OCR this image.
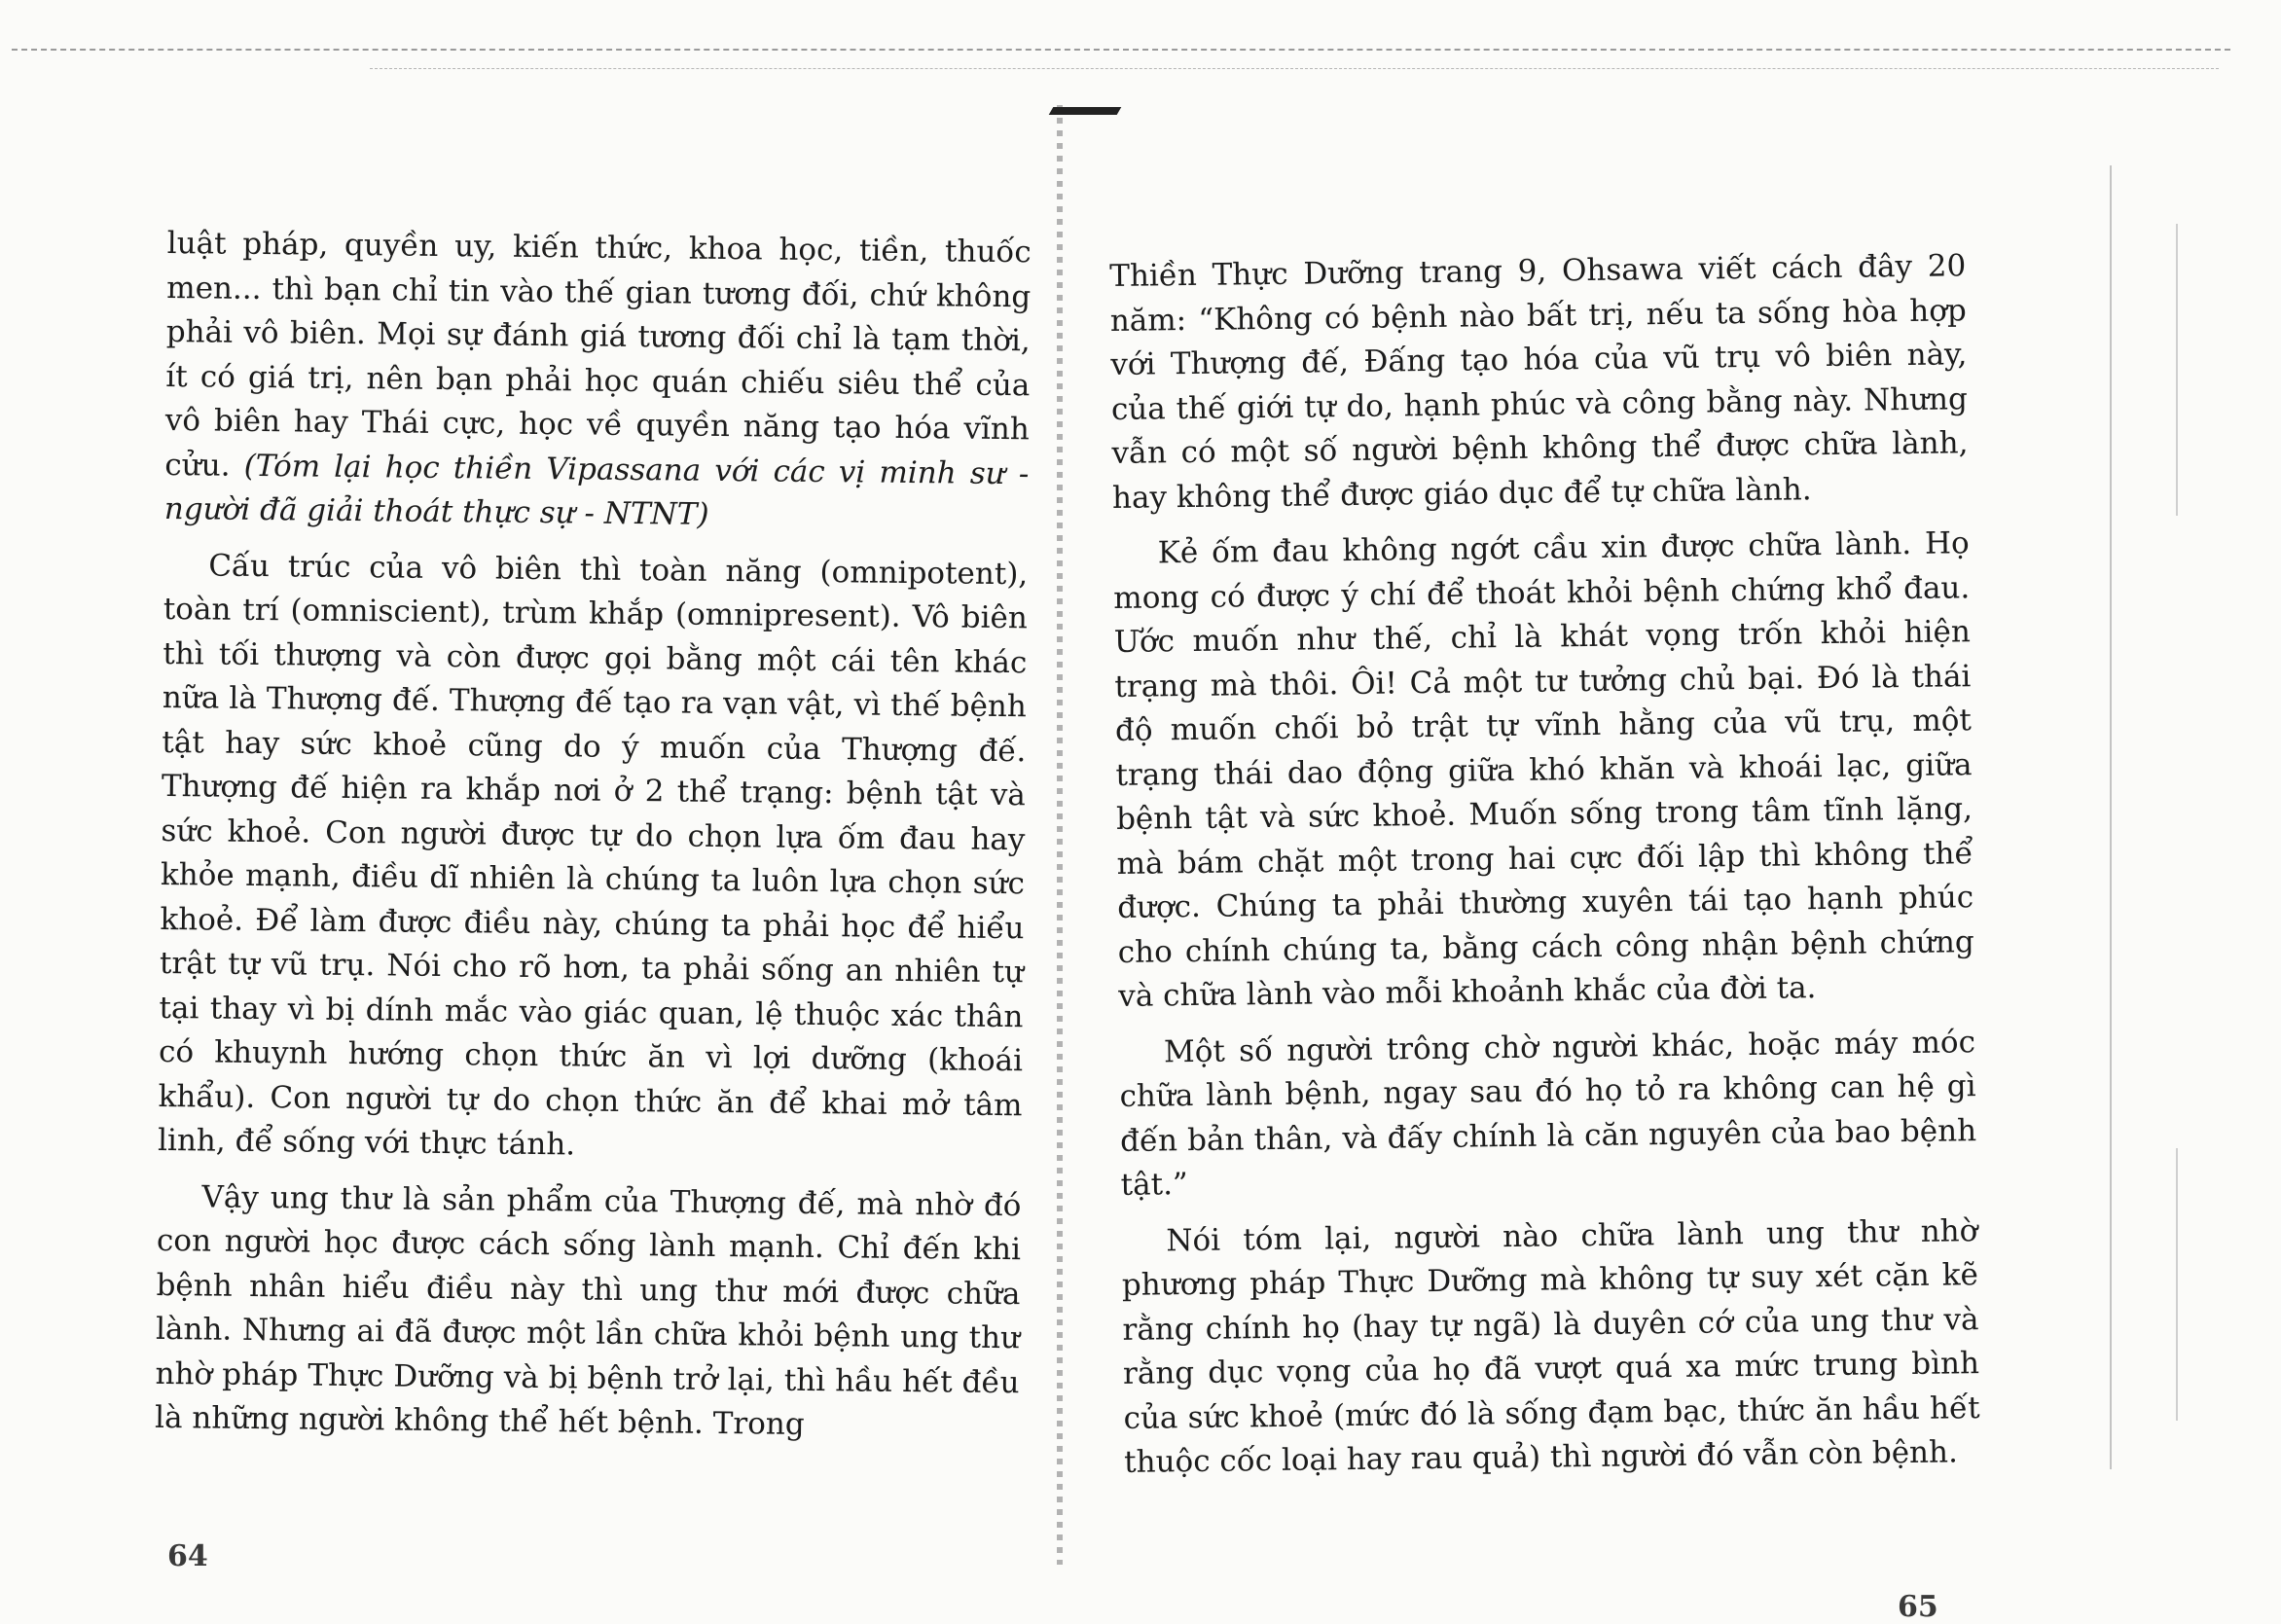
luật pháp, quyền uy, kiến thức, khoa học, tiền, thuốc men... thì bạn chỉ tin vào thế gian tương đối, chứ không phải vô biên. Mọi sự đánh giá tương đối chỉ là tạm thời, ít có giá trị, nên bạn phải học quán chiếu siêu thể của vô biên hay Thái cực, học về quyền năng tạo hóa vĩnh cửu. (Tóm lại học thiền Vipassana với các vị minh sư - người đã giải thoát thực sự - NTNT)

Cấu trúc của vô biên thì toàn năng (omnipotent), toàn trí (omniscient), trùm khắp (omnipresent). Vô biên thì tối thượng và còn được gọi bằng một cái tên khác nữa là Thượng đế. Thượng đế tạo ra vạn vật, vì thế bệnh tật hay sức khoẻ cũng do ý muốn của Thượng đế. Thượng đế hiện ra khắp nơi ở 2 thể trạng: bệnh tật và sức khoẻ. Con người được tự do chọn lựa ốm đau hay khỏe mạnh, điều dĩ nhiên là chúng ta luôn lựa chọn sức khoẻ. Để làm được điều này, chúng ta phải học để hiểu trật tự vũ trụ. Nói cho rõ hơn, ta phải sống an nhiên tự tại thay vì bị dính mắc vào giác quan, lệ thuộc xác thân có khuynh hướng chọn thức ăn vì lợi dưỡng (khoái khẩu). Con người tự do chọn thức ăn để khai mở tâm linh, để sống với thực tánh.

Vậy ung thư là sản phẩm của Thượng đế, mà nhờ đó con người học được cách sống lành mạnh. Chỉ đến khi bệnh nhân hiểu điều này thì ung thư mới được chữa lành. Nhưng ai đã được một lần chữa khỏi bệnh ung thư nhờ pháp Thực Dưỡng và bị bệnh trở lại, thì hầu hết đều là những người không thể hết bệnh. Trong

64

Thiền Thực Dưỡng trang 9, Ohsawa viết cách đây 20 năm: “Không có bệnh nào bất trị, nếu ta sống hòa hợp với Thượng đế, Đấng tạo hóa của vũ trụ vô biên này, của thế giới tự do, hạnh phúc và công bằng này. Nhưng vẫn có một số người bệnh không thể được chữa lành, hay không thể được giáo dục để tự chữa lành.

Kẻ ốm đau không ngớt cầu xin được chữa lành. Họ mong có được ý chí để thoát khỏi bệnh chứng khổ đau. Ước muốn như thế, chỉ là khát vọng trốn khỏi hiện trạng mà thôi. Ôi! Cả một tư tưởng chủ bại. Đó là thái độ muốn chối bỏ trật tự vĩnh hằng của vũ trụ, một trạng thái dao động giữa khó khăn và khoái lạc, giữa bệnh tật và sức khoẻ. Muốn sống trong tâm tĩnh lặng, mà bám chặt một trong hai cực đối lập thì không thể được. Chúng ta phải thường xuyên tái tạo hạnh phúc cho chính chúng ta, bằng cách công nhận bệnh chứng và chữa lành vào mỗi khoảnh khắc của đời ta.

Một số người trông chờ người khác, hoặc máy móc chữa lành bệnh, ngay sau đó họ tỏ ra không can hệ gì đến bản thân, và đấy chính là căn nguyên của bao bệnh tật.”

Nói tóm lại, người nào chữa lành ung thư nhờ phương pháp Thực Dưỡng mà không tự suy xét cặn kẽ rằng chính họ (hay tự ngã) là duyên cớ của ung thư và rằng dục vọng của họ đã vượt quá xa mức trung bình của sức khoẻ (mức đó là sống đạm bạc, thức ăn hầu hết thuộc cốc loại hay rau quả) thì người đó vẫn còn bệnh.

65
